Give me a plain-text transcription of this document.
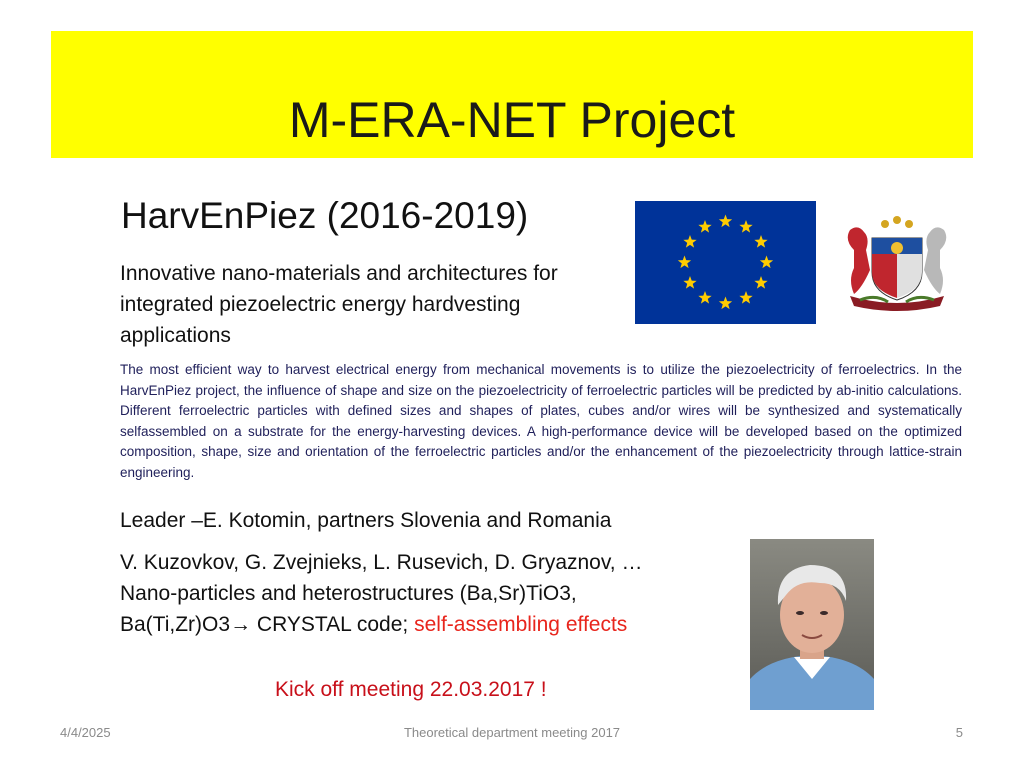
M-ERA-NET Project
HarvEnPiez (2016-2019)
Innovative nano-materials and architectures for
integrated piezoelectric energy hardvesting
applications
The most efficient way to harvest electrical energy from mechanical movements is to utilize the piezoelectricity of ferroelectrics. In the HarvEnPiez project, the influence of shape and size on the piezoelectricity of ferroelectric particles will be predicted by ab-initio calculations. Different ferroelectric particles with defined sizes and shapes of plates, cubes and/or wires will be synthesized and systematically selfassembled on a substrate for the energy-harvesting devices. A high-performance device will be developed based on the optimized composition, shape, size and orientation of the ferroelectric particles and/or the enhancement of the piezoelectricity through lattice-strain engineering.
Leader –E. Kotomin, partners Slovenia and Romania
V. Kuzovkov, G. Zvejnieks, L. Rusevich, D. Gryaznov, …
Nano-particles and heterostructures (Ba,Sr)TiO3,
Ba(Ti,Zr)O3→ CRYSTAL code; self-assembling effects
Kick off meeting 22.03.2017 !
4/4/2025	Theoretical department meeting 2017	5
